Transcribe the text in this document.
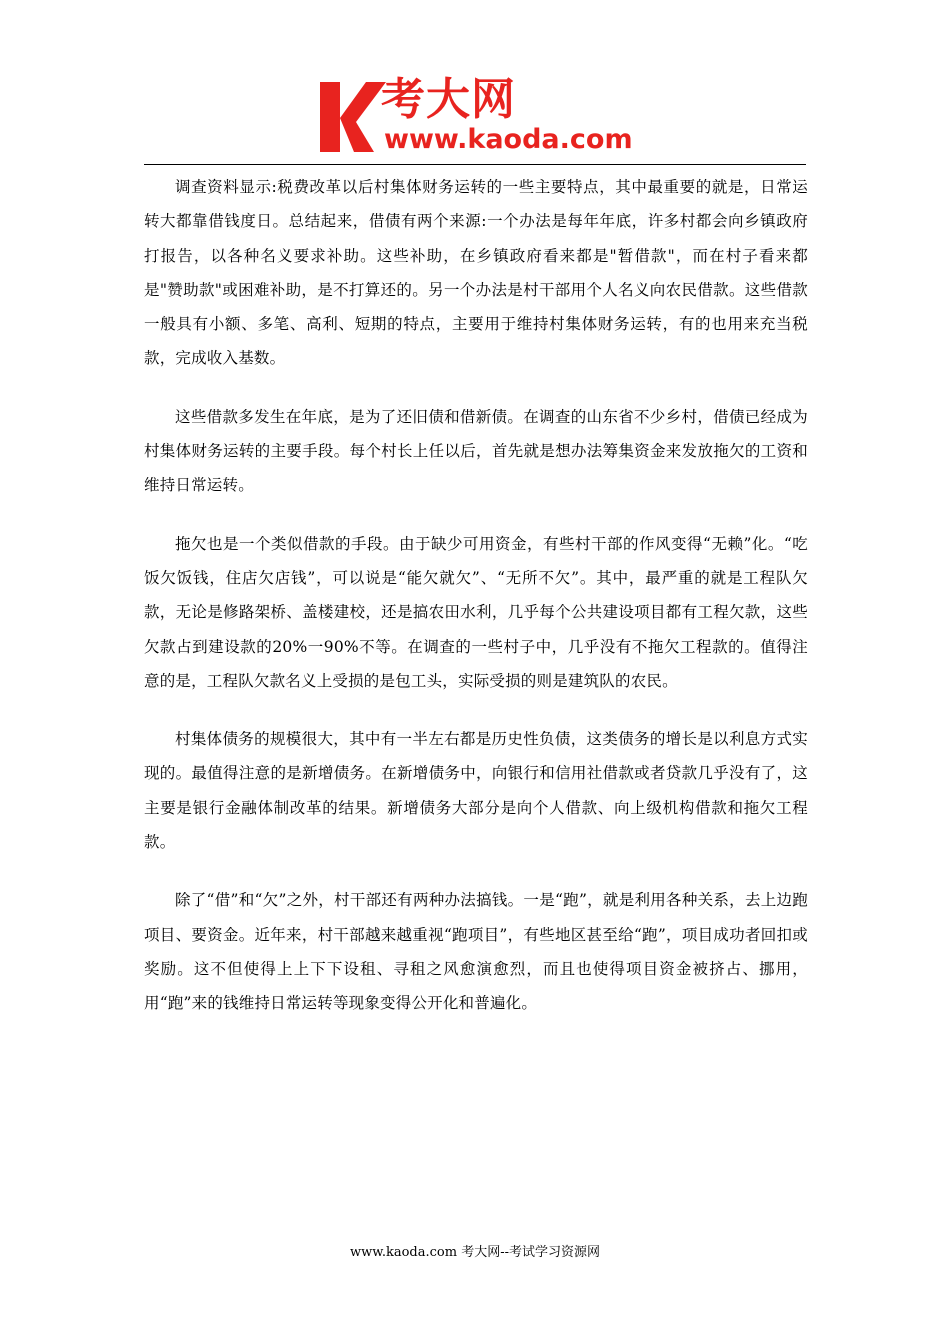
考大网
www.kaoda.com

调查资料显示:税费改革以后村集体财务运转的一些主要特点，其中最重要的就是，日常运转大都靠借钱度日。总结起来，借债有两个来源:一个办法是每年年底，许多村都会向乡镇政府打报告，以各种名义要求补助。这些补助，在乡镇政府看来都是"暂借款"，而在村子看来都是"赞助款"或困难补助，是不打算还的。另一个办法是村干部用个人名义向农民借款。这些借款一般具有小额、多笔、高利、短期的特点，主要用于维持村集体财务运转，有的也用来充当税款，完成收入基数。

这些借款多发生在年底，是为了还旧债和借新债。在调查的山东省不少乡村，借债已经成为村集体财务运转的主要手段。每个村长上任以后，首先就是想办法筹集资金来发放拖欠的工资和维持日常运转。

拖欠也是一个类似借款的手段。由于缺少可用资金，有些村干部的作风变得“无赖”化。“吃饭欠饭钱，住店欠店钱”，可以说是“能欠就欠”、“无所不欠”。其中，最严重的就是工程队欠款，无论是修路架桥、盖楼建校，还是搞农田水利，几乎每个公共建设项目都有工程欠款，这些欠款占到建设款的20%一90%不等。在调查的一些村子中，几乎没有不拖欠工程款的。值得注意的是，工程队欠款名义上受损的是包工头，实际受损的则是建筑队的农民。

村集体债务的规模很大，其中有一半左右都是历史性负债，这类债务的增长是以利息方式实现的。最值得注意的是新增债务。在新增债务中，向银行和信用社借款或者贷款几乎没有了，这主要是银行金融体制改革的结果。新增债务大部分是向个人借款、向上级机构借款和拖欠工程款。

除了“借”和“欠”之外，村干部还有两种办法搞钱。一是“跑”，就是利用各种关系，去上边跑项目、要资金。近年来，村干部越来越重视“跑项目”，有些地区甚至给“跑”，项目成功者回扣或奖励。这不但使得上上下下设租、寻租之风愈演愈烈，而且也使得项目资金被挤占、挪用，用“跑”来的钱维持日常运转等现象变得公开化和普遍化。

www.kaoda.com 考大网--考试学习资源网
